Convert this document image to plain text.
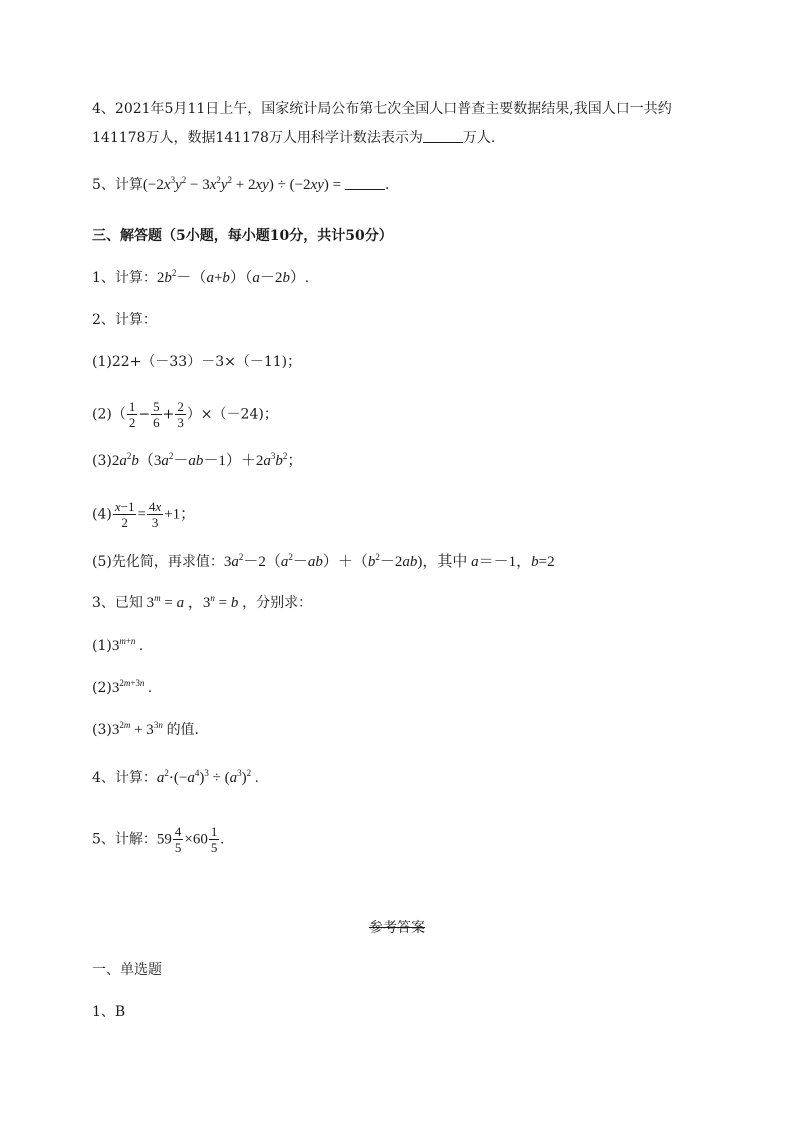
4、2021年5月11日上午，国家统计局公布第七次全国人口普查主要数据结果,我国人口一共约
141178万人，数据141178万人用科学计数法表示为	万人.
5、计算$(-2x^3y^2 - 3x^2y^2 + 2xy) \div (-2xy)$ =	.
三、解答题（5小题，每小题10分，共计50分）
1、计算：$2b^2-(a+b)(a-2b)$.
2、计算：
(1)22+（－33）－3×（－11)；
$(2)( \frac{1}{2} - \frac{5}{6} + \frac{2}{3} )\times(-24)$；
$(3)2a^2b(3a^2-ab-1)+2a^3b^2$；
$(4) \frac{x-1}{2} = \frac{4x}{3} +1$；
(5)先化简，再求值：$3a^2-2(a^2-ab)+(b^2-2ab)$，其中 a＝－1，b=2
3、已知 $3^m = a$ ，$3^n = b$ ，分别求：
$(1)3^{m+n}$ .
$(2)3^{2m+3n}$ .
$(3)3^{2m} + 3^{3n}$ 的值.
4、计算：$a^2\cdot(-a^4)^3 \div (a^3)^2$ .
5、计解：$59 \frac{4}{5} \times 60 \frac{1}{5}$ .
参考答案
一、单选题
1、B
